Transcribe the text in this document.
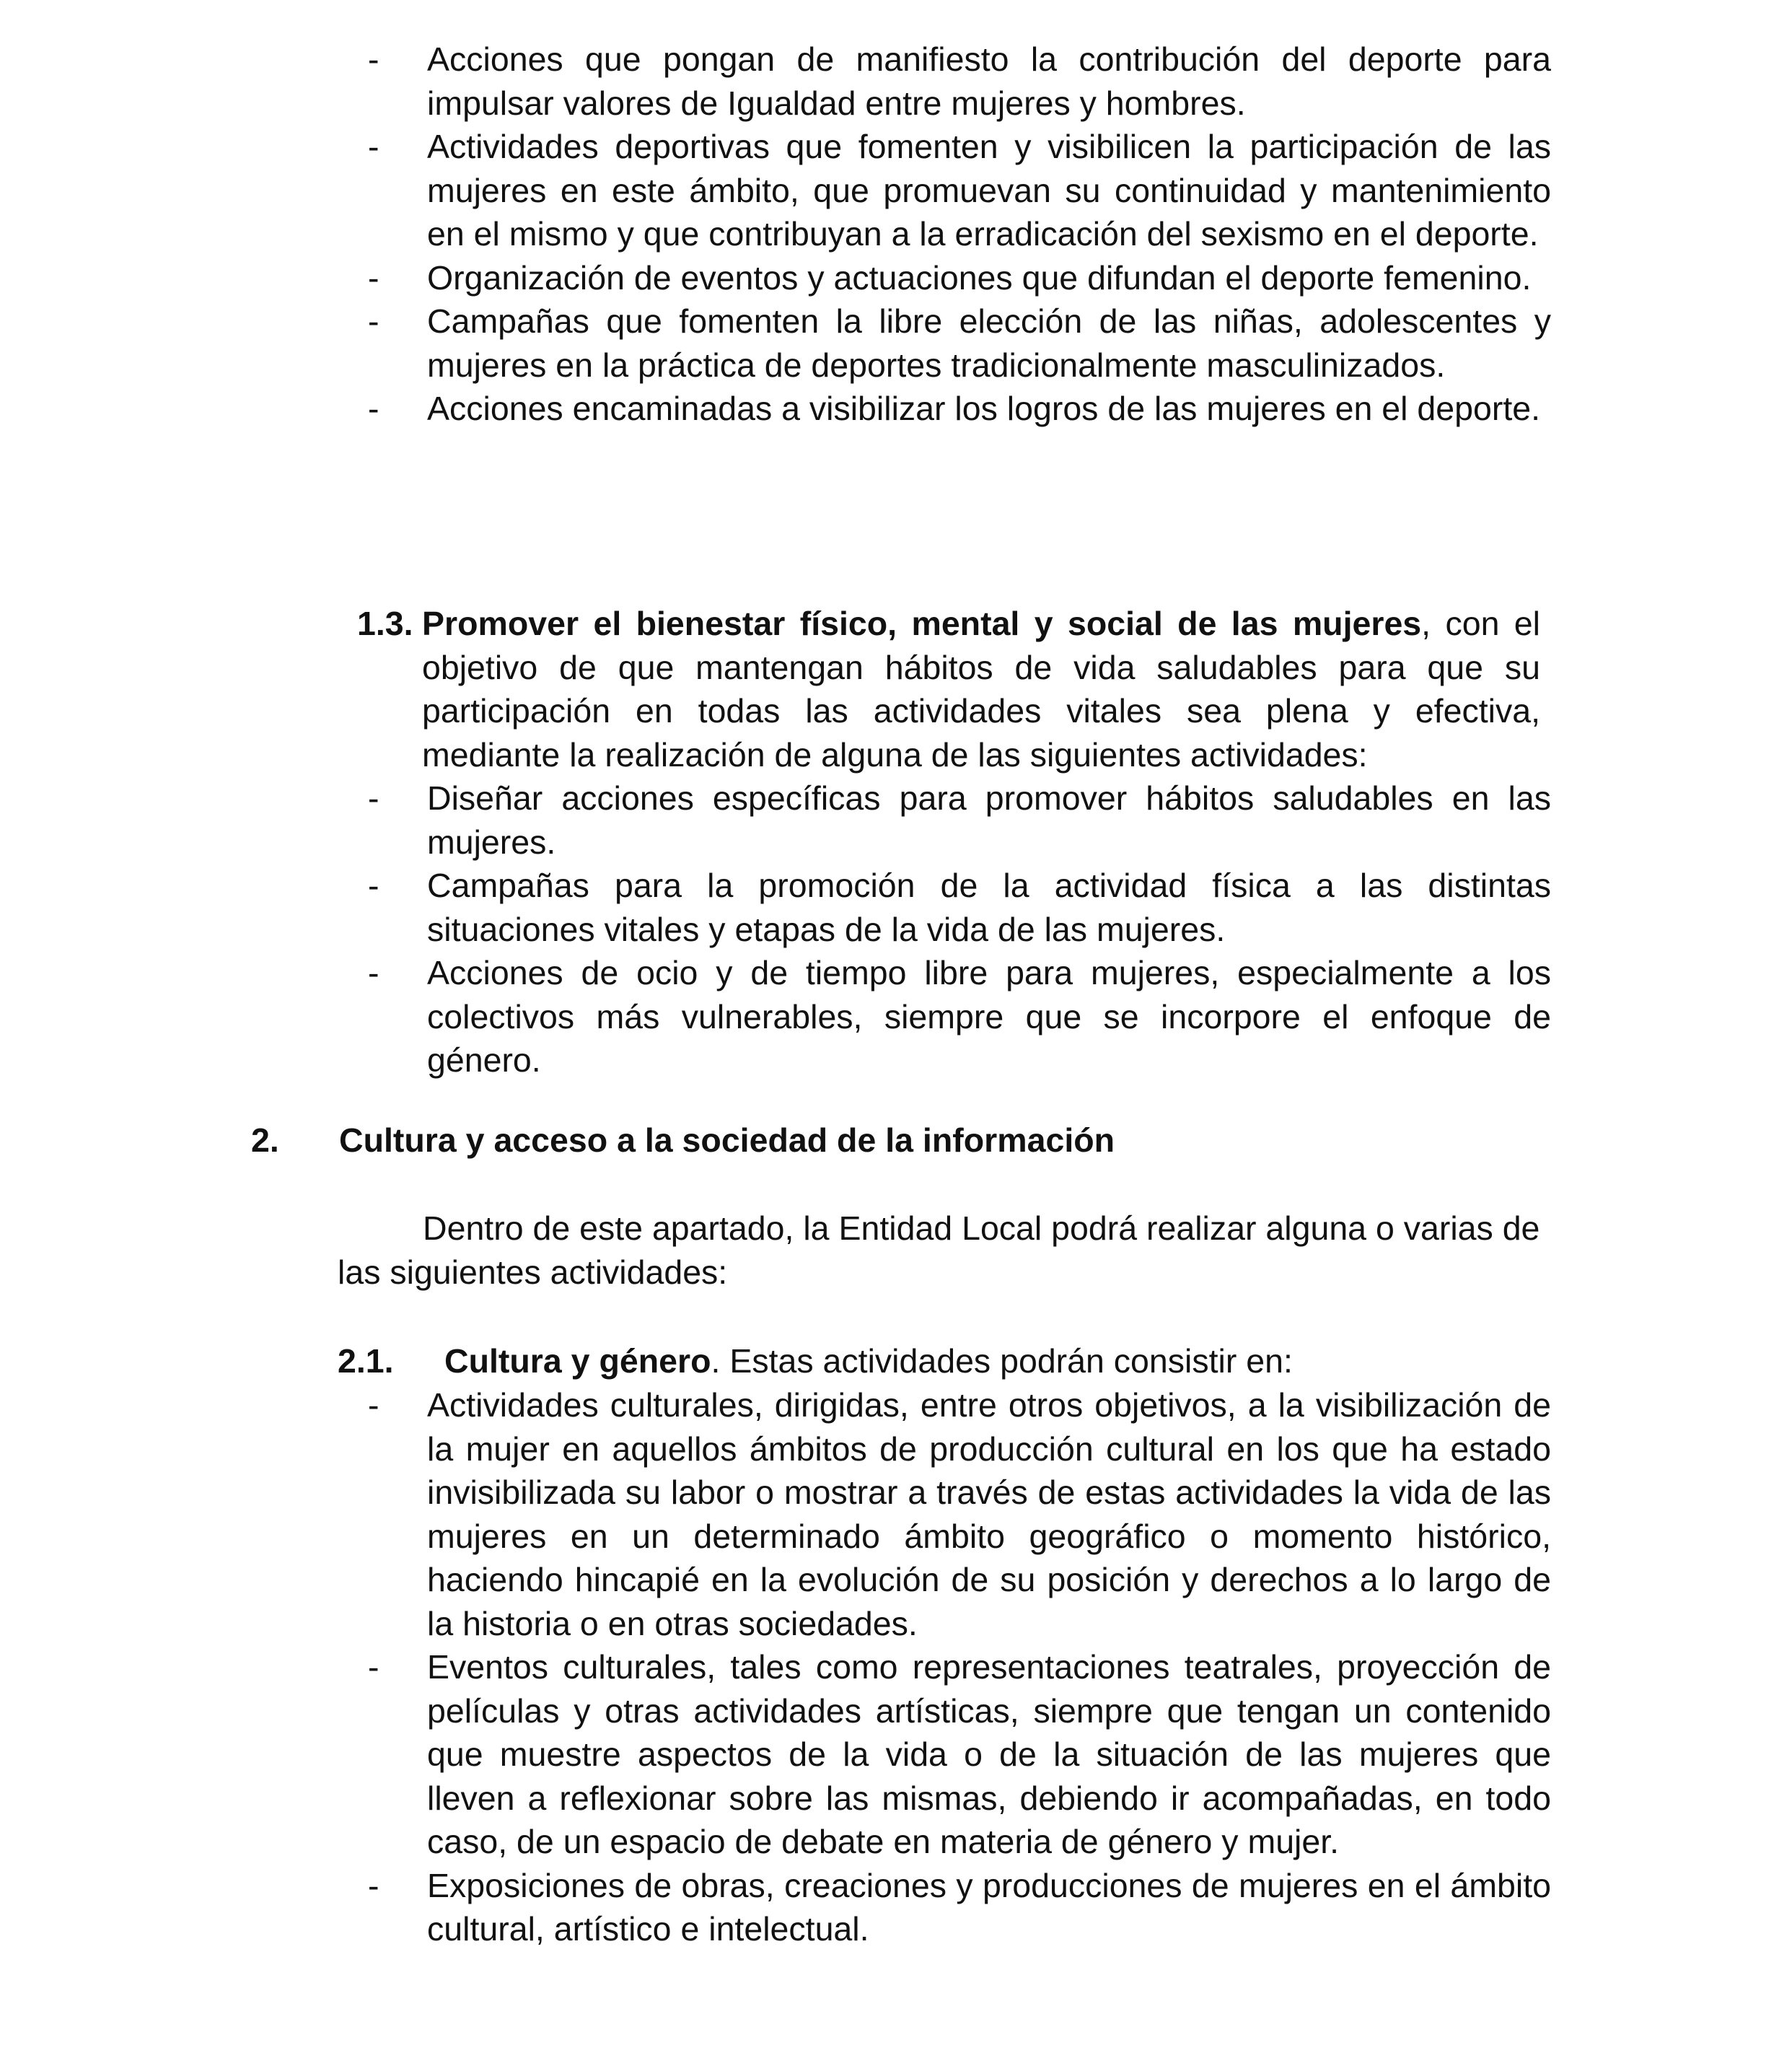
- Acciones que pongan de manifiesto la contribución del deporte para impulsar valores de Igualdad entre mujeres y hombres.
- Actividades deportivas que fomenten y visibilicen la participación de las mujeres en este ámbito, que promuevan su continuidad y mantenimiento en el mismo y que contribuyan a la erradicación del sexismo en el deporte.
- Organización de eventos y actuaciones que difundan el deporte femenino.
- Campañas que fomenten la libre elección de las niñas, adolescentes y mujeres en la práctica de deportes tradicionalmente masculinizados.
- Acciones encaminadas a visibilizar los logros de las mujeres en el deporte.
1.3. Promover el bienestar físico, mental y social de las mujeres, con el objetivo de que mantengan hábitos de vida saludables para que su participación en todas las actividades vitales sea plena y efectiva, mediante la realización de alguna de las siguientes actividades:
- Diseñar acciones específicas para promover hábitos saludables en las mujeres.
- Campañas para la promoción de la actividad física a las distintas situaciones vitales y etapas de la vida de las mujeres.
- Acciones de ocio y de tiempo libre para mujeres, especialmente a los colectivos más vulnerables, siempre que se incorpore el enfoque de género.
2. Cultura y acceso a la sociedad de la información
Dentro de este apartado, la Entidad Local podrá realizar alguna o varias de las siguientes actividades:
2.1. Cultura y género. Estas actividades podrán consistir en:
- Actividades culturales, dirigidas, entre otros objetivos, a la visibilización de la mujer en aquellos ámbitos de producción cultural en los que ha estado invisibilizada su labor o mostrar a través de estas actividades la vida de las mujeres en un determinado ámbito geográfico o momento histórico, haciendo hincapié en la evolución de su posición y derechos a lo largo de la historia o en otras sociedades.
- Eventos culturales, tales como representaciones teatrales, proyección de películas y otras actividades artísticas, siempre que tengan un contenido que muestre aspectos de la vida o de la situación de las mujeres que lleven a reflexionar sobre las mismas, debiendo ir acompañadas, en todo caso, de un espacio de debate en materia de género y mujer.
- Exposiciones de obras, creaciones y producciones de mujeres en el ámbito cultural, artístico e intelectual.
